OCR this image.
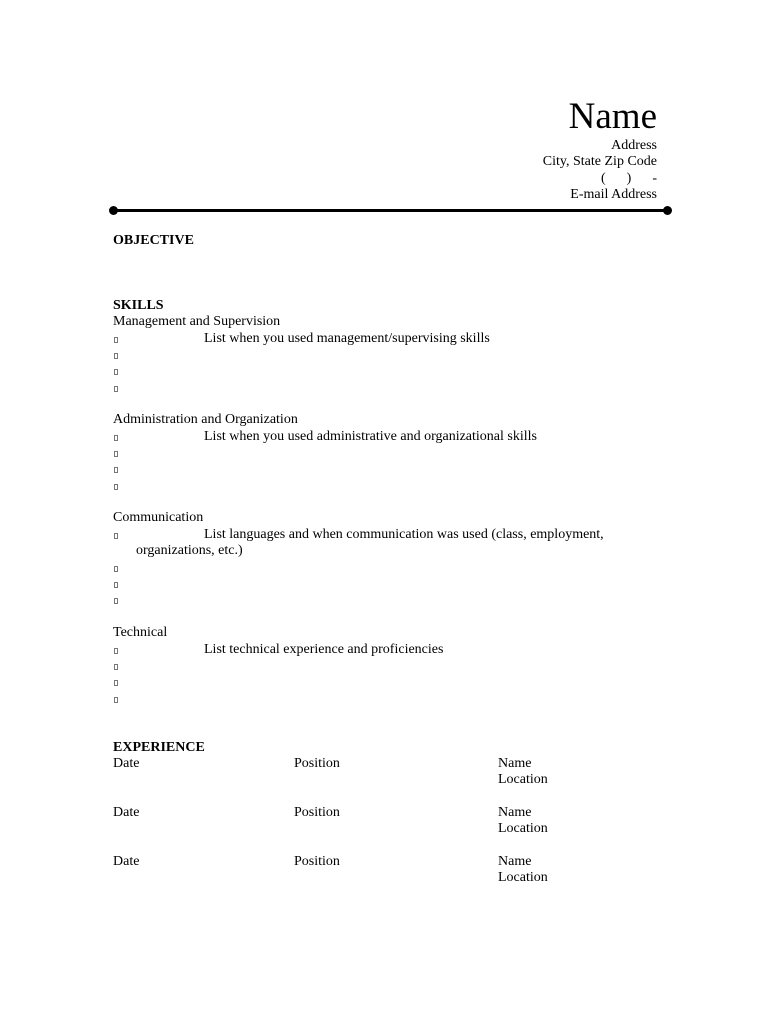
Name
Address
City, State Zip Code
(      )      -
E-mail Address
OBJECTIVE
SKILLS
Management and Supervision
List when you used management/supervising skills
Administration and Organization
List when you used administrative and organizational skills
Communication
List languages and when communication was used (class, employment,
organizations, etc.)
Technical
List technical experience and proficiencies
EXPERIENCE
Date	Position	Name
Location
Date	Position	Name
Location
Date	Position	Name
Location
